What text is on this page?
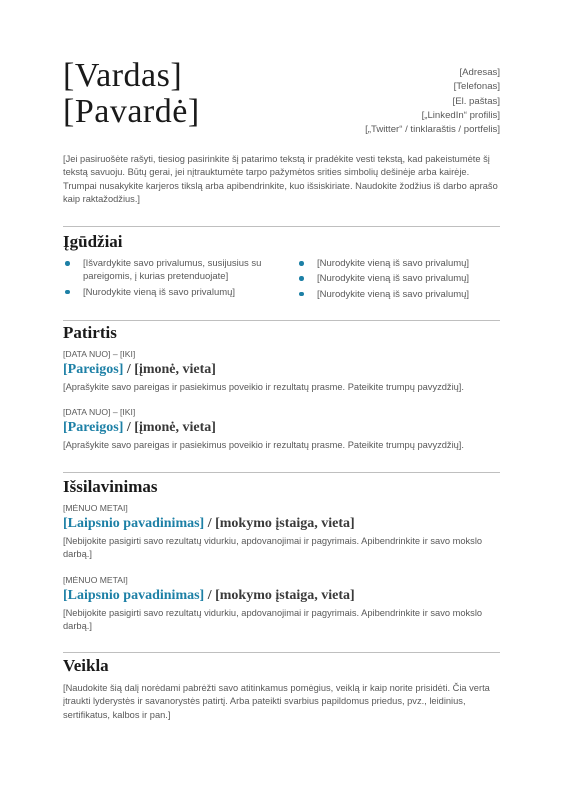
[Vardas]
[Pavardė]
[Adresas]
[Telefonas]
[El. paštas]
[„LinkedIn“ profilis]
[„Twitter“ / tinklaraštis / portfelis]
[Jei pasiruošėte rašyti, tiesiog pasirinkite šį patarimo tekstą ir pradėkite vesti tekstą, kad pakeistumėte šį tekstą savuoju. Būtų gerai, jei nįtrauktumėte tarpo pažymėtos srities simbolių dešinėje arba kairėje. Trumpai nusakykite karjeros tikslą arba apibendrinkite, kuo išsiskiriate. Naudokite žodžius iš darbo aprašo kaip raktažodžius.]
Įgūdžiai
[Išvardykite savo privalumus, susijusius su pareigomis, į kurias pretenduojate]
[Nurodykite vieną iš savo privalumų]
[Nurodykite vieną iš savo privalumų]
[Nurodykite vieną iš savo privalumų]
[Nurodykite vieną iš savo privalumų]
Patirtis
[DATA NUO] – [IKI]
[Pareigos] / [įmonė, vieta]
[Aprašykite savo pareigas ir pasiekimus poveikio ir rezultatų prasme. Pateikite trumpų pavyzdžių].
[DATA NUO] – [IKI]
[Pareigos] / [įmonė, vieta]
[Aprašykite savo pareigas ir pasiekimus poveikio ir rezultatų prasme. Pateikite trumpų pavyzdžių].
Išsilavinimas
[MĖNUO METAI]
[Laipsnio pavadinimas] / [mokymo įstaiga, vieta]
[Nebijokite pasigirti savo rezultatų vidurkiu, apdovanojimai ir pagyrimais. Apibendrinkite ir savo mokslo darbą.]
[MĖNUO METAI]
[Laipsnio pavadinimas] / [mokymo įstaiga, vieta]
[Nebijokite pasigirti savo rezultatų vidurkiu, apdovanojimai ir pagyrimais. Apibendrinkite ir savo mokslo darbą.]
Veikla
[Naudokite šią dalį norėdami pabrėžti savo atitinkamus pomėgius, veiklą ir kaip norite prisidėti. Čia verta įtraukti lyderystės ir savanorystės patirtį. Arba pateikti svarbius papildomus priedus, pvz., leidinius, sertifikatus, kalbos ir pan.]
